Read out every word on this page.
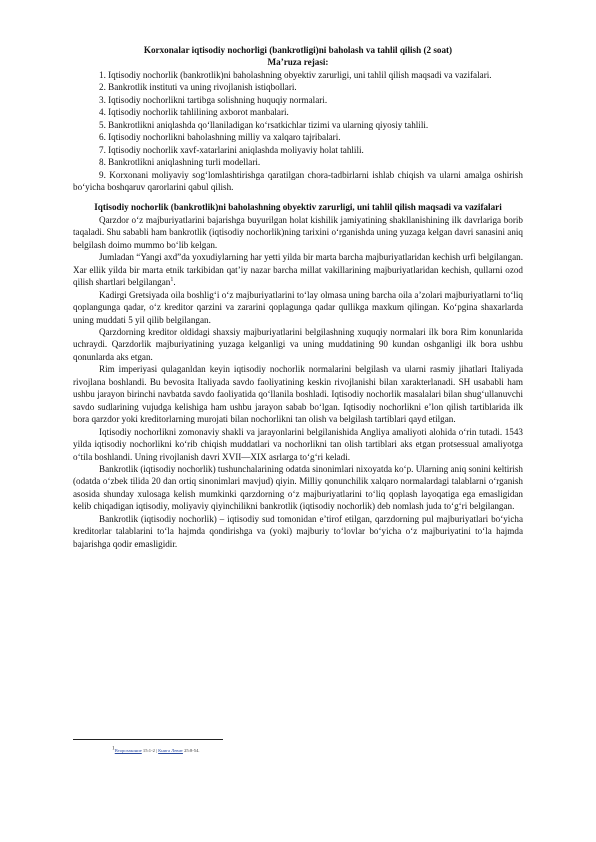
Korxonalar iqtisodiy nochorligi (bankrotligi)ni baholash va tahlil qilish (2 soat)

Ma’ruza rejasi:

1. Iqtisodiy nochorlik (bankrotlik)ni baholashning obyektiv zarurligi, uni tahlil qilish maqsadi va vazifalari.

2. Bankrotlik instituti va uning rivojlanish istiqbollari.

3. Iqtisodiy nochorlikni tartibga solishning huquqiy normalari.

4. Iqtisodiy nochorlik tahlilining axborot manbalari.

5. Bankrotlikni aniqlashda qo‘llaniladigan ko‘rsatkichlar tizimi va ularning qiyosiy tahlili.

6. Iqtisodiy nochorlikni baholashning milliy va xalqaro tajribalari.

7. Iqtisodiy nochorlik xavf-xatarlarini aniqlashda moliyaviy holat tahlili.

8. Bankrotlikni aniqlashning turli modellari.

9. Korxonani moliyaviy sog‘lomlashtirishga qaratilgan chora-tadbirlarni ishlab chiqish va ularni amalga oshirish bo‘yicha boshqaruv qarorlarini qabul qilish.

Iqtisodiy nochorlik (bankrotlik)ni baholashning obyektiv zarurligi, uni tahlil qilish maqsadi va vazifalari

Qarzdor o‘z majburiyatlarini bajarishga buyurilgan holat kishilik jamiyatining shakllanishining ilk davrlariga borib taqaladi. Shu sababli ham bankrotlik (iqtisodiy nochorlik)ning tarixini o‘rganishda uning yuzaga kelgan davri sanasini aniq belgilash doimo mummo bo‘lib kelgan.

Jumladan “Yangi axd”da yoxudiylarning har yetti yilda bir marta barcha majburiyatlaridan kechish urfi belgilangan. Xar ellik yilda bir marta etnik tarkibidan qat’iy nazar barcha millat vakillarining majburiyatlaridan kechish, qullarni ozod qilish shartlari belgilangan$^1$.

Kadirgi Gretsiyada oila boshlig‘i o‘z majburiyatlarini to‘lay olmasa uning barcha oila a’zolari majburiyatlarni to‘liq qoplangunga qadar, o‘z kreditor qarzini va zararini qoplagunga qadar qullikga maxkum qilingan. Ko‘pgina shaxarlarda uning muddati 5 yil qilib belgilangan.

Qarzdorning kreditor oldidagi shaxsiy majburiyatlarini belgilashning xuquqiy normalari ilk bora Rim konunlarida uchraydi. Qarzdorlik majburiyatining yuzaga kelganligi va uning muddatining 90 kundan oshganligi ilk bora ushbu qonunlarda aks etgan.

Rim imperiyasi qulaganldan keyin iqtisodiy nochorlik normalarini belgilash va ularni rasmiy jihatlari Italiyada rivojlana boshlandi. Bu bevosita Italiyada savdo faoliyatining keskin rivojlanishi bilan xarakterlanadi. SH usababli ham ushbu jarayon birinchi navbatda savdo faoliyatida qo‘llanila boshladi. Iqtisodiy nochorlik masalalari bilan shug‘ullanuvchi savdo sudlarining vujudga kelishiga ham ushbu jarayon sabab bo‘lgan. Iqtisodiy nochorlikni e’lon qilish tartiblarida ilk bora qarzdor yoki kreditorlarning murojati bilan nochorlikni tan olish va belgilash tartiblari qayd etilgan.

Iqtisodiy nochorlikni zomonaviy shakli va jarayonlarini belgilanishida Angliya amaliyoti alohida o‘rin tutadi. 1543 yilda iqtisodiy nochorlikni ko‘rib chiqish muddatlari va nochorlikni tan olish tartiblari aks etgan protsessual amaliyotga o‘tila boshlandi. Uning rivojlanish davri XVII—XIX asrlarga to‘g‘ri keladi.

Bankrotlik (iqtisodiy nochorlik) tushunchalarining odatda sinonimlari nixoyatda ko‘p. Ularning aniq sonini keltirish (odatda o‘zbek tilida 20 dan ortiq sinonimlari mavjud) qiyin. Milliy qonunchilik xalqaro normalardagi talablarni o‘rganish asosida shunday xulosaga kelish mumkinki qarzdorning o‘z majburiyatlarini to‘liq qoplash layoqatiga ega emasligidan kelib chiqadigan iqtisodiy, moliyaviy qiyinchilikni bankrotlik (iqtisodiy nochorlik) deb nomlash juda to‘g‘ri belgilangan.

Bankrotlik (iqtisodiy nochorlik) – iqtisodiy sud tomonidan e’tirof etilgan, qarzdorning pul majburiyatlari bo‘yicha kreditorlar talablarini to‘la hajmda qondirishga va (yoki) majburiy to‘lovlar bo‘yicha o‘z majburiyatini to‘la hajmda bajarishga qodir emasligidir.

$^1$Второзаконие 15:1-2 | Книга Левит 25:8-54.
